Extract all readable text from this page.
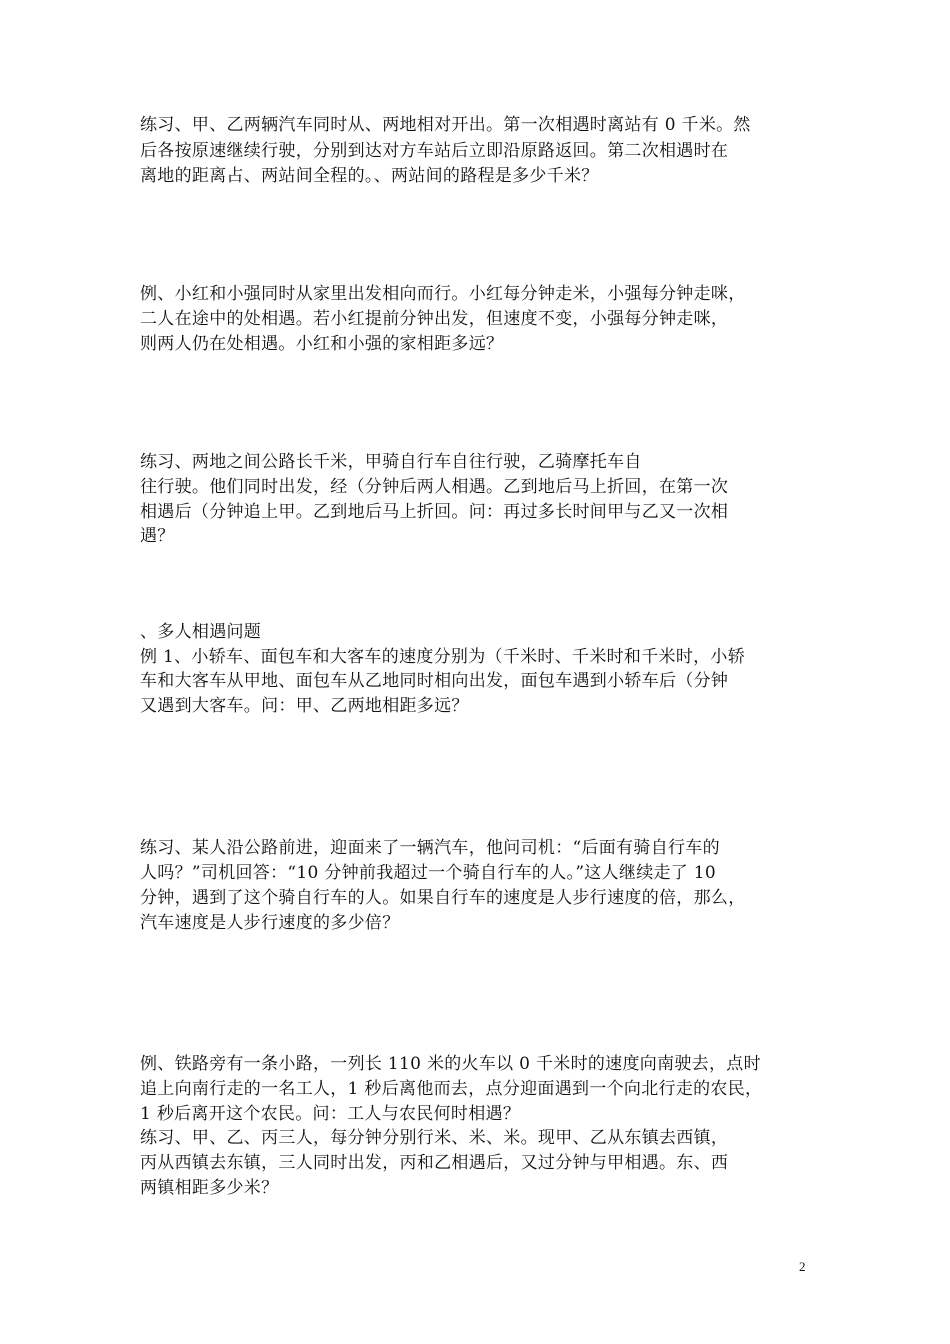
练习、甲、乙两辆汽车同时从、两地相对开出。第一次相遇时离站有 0 千米。然
后各按原速继续行驶，分别到达对方车站后立即沿原路返回。第二次相遇时在
离地的距离占、两站间全程的。、两站间的路程是多少千米？
例、小红和小强同时从家里出发相向而行。小红每分钟走米，小强每分钟走咪，
二人在途中的处相遇。若小红提前分钟出发，但速度不变，小强每分钟走咪，
则两人仍在处相遇。小红和小强的家相距多远？
练习、两地之间公路长千米，甲骑自行车自往行驶，乙骑摩托车自
往行驶。他们同时出发，经（分钟后两人相遇。乙到地后马上折回，在第一次
相遇后（分钟追上甲。乙到地后马上折回。问：再过多长时间甲与乙又一次相
遇？
、多人相遇问题
例 1、小轿车、面包车和大客车的速度分别为（千米时、千米时和千米时，小轿
车和大客车从甲地、面包车从乙地同时相向出发，面包车遇到小轿车后（分钟
又遇到大客车。问：甲、乙两地相距多远？
练习、某人沿公路前进，迎面来了一辆汽车，他问司机：“后面有骑自行车的
人吗？”司机回答：“10 分钟前我超过一个骑自行车的人。”这人继续走了 10
分钟，遇到了这个骑自行车的人。如果自行车的速度是人步行速度的倍，那么，
汽车速度是人步行速度的多少倍？
例、铁路旁有一条小路，一列长 110 米的火车以 0 千米时的速度向南驶去，点时
追上向南行走的一名工人，1 秒后离他而去，点分迎面遇到一个向北行走的农民，
1 秒后离开这个农民。问：工人与农民何时相遇？
练习、甲、乙、丙三人，每分钟分别行米、米、米。现甲、乙从东镇去西镇，
丙从西镇去东镇，三人同时出发，丙和乙相遇后，又过分钟与甲相遇。东、西
两镇相距多少米？
2
